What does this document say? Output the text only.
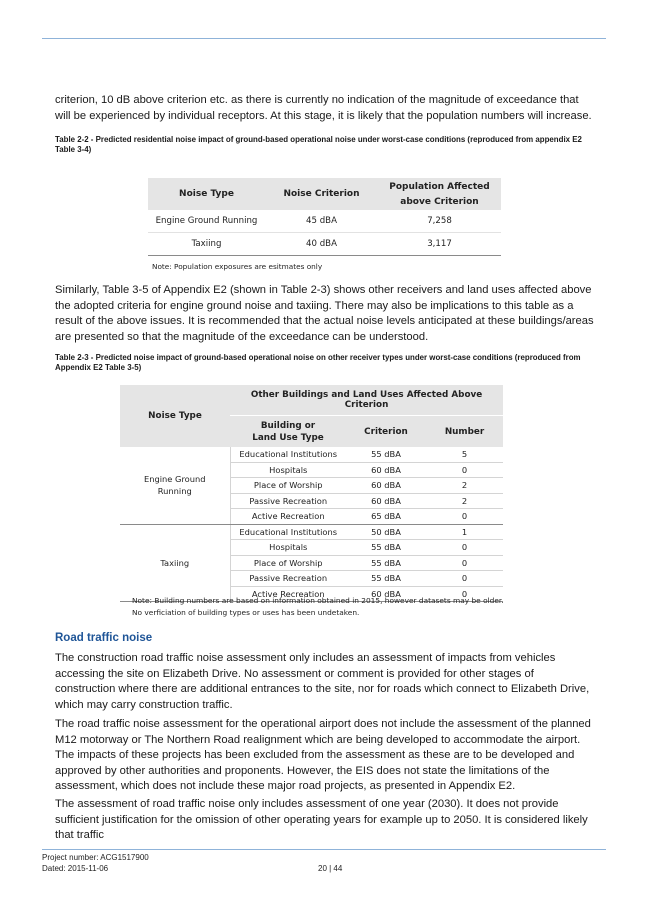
criterion, 10 dB above criterion etc. as there is currently no indication of the magnitude of exceedance that will be experienced by individual receptors. At this stage, it is likely that the population numbers will increase.

Table 2-2 - Predicted residential noise impact of ground-based operational noise under worst-case conditions (reproduced from appendix E2 Table 3-4)

Noise Type	Noise Criterion	Population Affected
above Criterion

Engine Ground Running	45 dBA	7,258
Taxiing	40 dBA	3,117
Note: Population exposures are esitmates only

Similarly, Table 3-5 of Appendix E2 (shown in Table 2-3) shows other receivers and land uses affected above the adopted criteria for engine ground noise and taxiing. There may also be implications to this table as a result of the above issues. It is recommended that the actual noise levels anticipated at these buildings/areas are presented so that the magnitude of the exceedance can be understood.

Table 2-3 - Predicted noise impact of ground-based operational noise on other receiver types under worst-case conditions (reproduced from Appendix E2 Table 3-5)

Noise Type	Other Buildings and Land Uses Affected Above Criterion		

	Building or
Land Use Type	Criterion	Number

Engine Ground
Running	Educational Institutions	55 dBA	5
	Hospitals	60 dBA	0
	Place of Worship	60 dBA	2
	Passive Recreation	60 dBA	2
	Active Recreation	65 dBA	0

Taxiing	Educational Institutions	50 dBA	1
	Hospitals	55 dBA	0
	Place of Worship	55 dBA	0
	Passive Recreation	55 dBA	0
	Active Recreation	60 dBA	0
Note: Building numbers are based on information obtained in 2015, however datasets may be older.
No verficiation of building types or uses has been undetaken.
Road traffic noise

The construction road traffic noise assessment only includes an assessment of impacts from vehicles accessing the site on Elizabeth Drive. No assessment or comment is provided for other stages of construction where there are additional entrances to the site, nor for roads which connect to Elizabeth Drive, which may carry construction traffic.

The road traffic noise assessment for the operational airport does not include the assessment of the planned M12 motorway or The Northern Road realignment which are being developed to accommodate the airport. The impacts of these projects has been excluded from the assessment as these are to be developed and approved by other authorities and proponents. However, the EIS does not state the limitations of the assessment, which does not include these major road projects, as presented in Appendix E2.

The assessment of road traffic noise only includes assessment of one year (2030). It does not provide sufficient justification for the omission of other operating years for example up to 2050. It is considered likely that traffic

Project number: ACG1517900
Dated: 2015-11-06	20 | 44
